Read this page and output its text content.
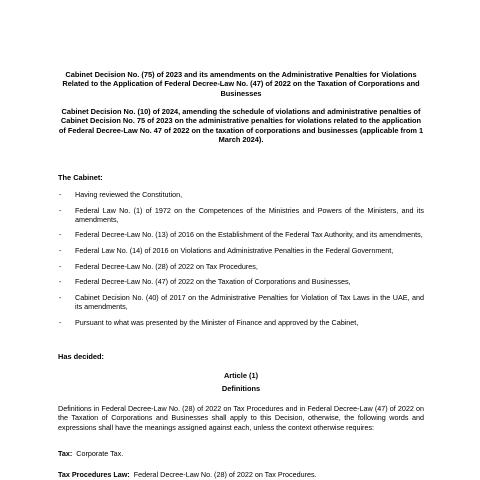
Cabinet Decision No. (75) of 2023 and its amendments on the Administrative Penalties for Violations Related to the Application of Federal Decree-Law No. (47) of 2022 on the Taxation of Corporations and Businesses

Cabinet Decision No. (10) of 2024, amending the schedule of violations and administrative penalties of Cabinet Decision No. 75 of 2023 on the administrative penalties for violations related to the application of Federal Decree-Law No. 47 of 2022 on the taxation of corporations and businesses (applicable from 1 March 2024).

The Cabinet:
- Having reviewed the Constitution,
- Federal Law No. (1) of 1972 on the Competences of the Ministries and Powers of the Ministers, and its amendments,
- Federal Decree-Law No. (13) of 2016 on the Establishment of the Federal Tax Authority, and its amendments,
- Federal Law No. (14) of 2016 on Violations and Administrative Penalties in the Federal Government,
- Federal Decree-Law No. (28) of 2022 on Tax Procedures,
- Federal Decree-Law No. (47) of 2022 on the Taxation of Corporations and Businesses,
- Cabinet Decision No. (40) of 2017 on the Administrative Penalties for Violation of Tax Laws in the UAE, and its amendments,
- Pursuant to what was presented by the Minister of Finance and approved by the Cabinet,
Has decided:
Article (1)
Definitions

Definitions in Federal Decree-Law No. (28) of 2022 on Tax Procedures and in Federal Decree-Law (47) of 2022 on the Taxation of Corporations and Businesses shall apply to this Decision, otherwise, the following words and expressions shall have the meanings assigned against each, unless the context otherwise requires:

Tax: Corporate Tax.
Tax Procedures Law: Federal Decree-Law No. (28) of 2022 on Tax Procedures.
